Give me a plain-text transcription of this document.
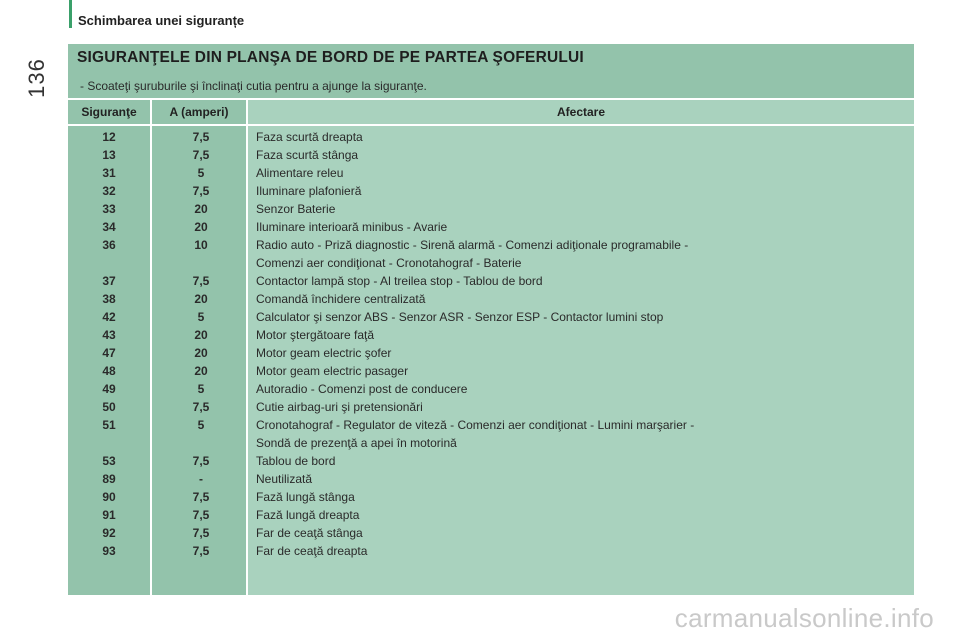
136
Schimbarea unei siguranțe
SIGURANŢELE DIN PLANŞA DE BORD DE PE PARTEA ŞOFERULUI
- Scoateţi şuruburile şi înclinaţi cutia pentru a ajunge la siguranţe.
Siguranţe	A (amperi)	Afectare
12	7,5	Faza scurtă dreapta
13	7,5	Faza scurtă stânga
31	5	Alimentare releu
32	7,5	Iluminare plafonieră
33	20	Senzor Baterie
34	20	Iluminare interioară minibus - Avarie
36	10	Radio auto - Priză diagnostic - Sirenă alarmă - Comenzi adiţionale programabile -
Comenzi aer condiţionat - Cronotahograf - Baterie
37	7,5	Contactor lampă stop - Al treilea stop - Tablou de bord
38	20	Comandă închidere centralizată
42	5	Calculator şi senzor ABS - Senzor ASR - Senzor ESP - Contactor lumini stop
43	20	Motor ştergătoare faţă
47	20	Motor geam electric şofer
48	20	Motor geam electric pasager
49	5	Autoradio - Comenzi post de conducere
50	7,5	Cutie airbag-uri şi pretensionări
51	5	Cronotahograf - Regulator de viteză - Comenzi aer condiţionat - Lumini marşarier -
Sondă de prezenţă a apei în motorină
53	7,5	Tablou de bord
89	-	Neutilizată
90	7,5	Fază lungă stânga
91	7,5	Fază lungă dreapta
92	7,5	Far de ceaţă stânga
93	7,5	Far de ceaţă dreapta
carmanualsonline.info
